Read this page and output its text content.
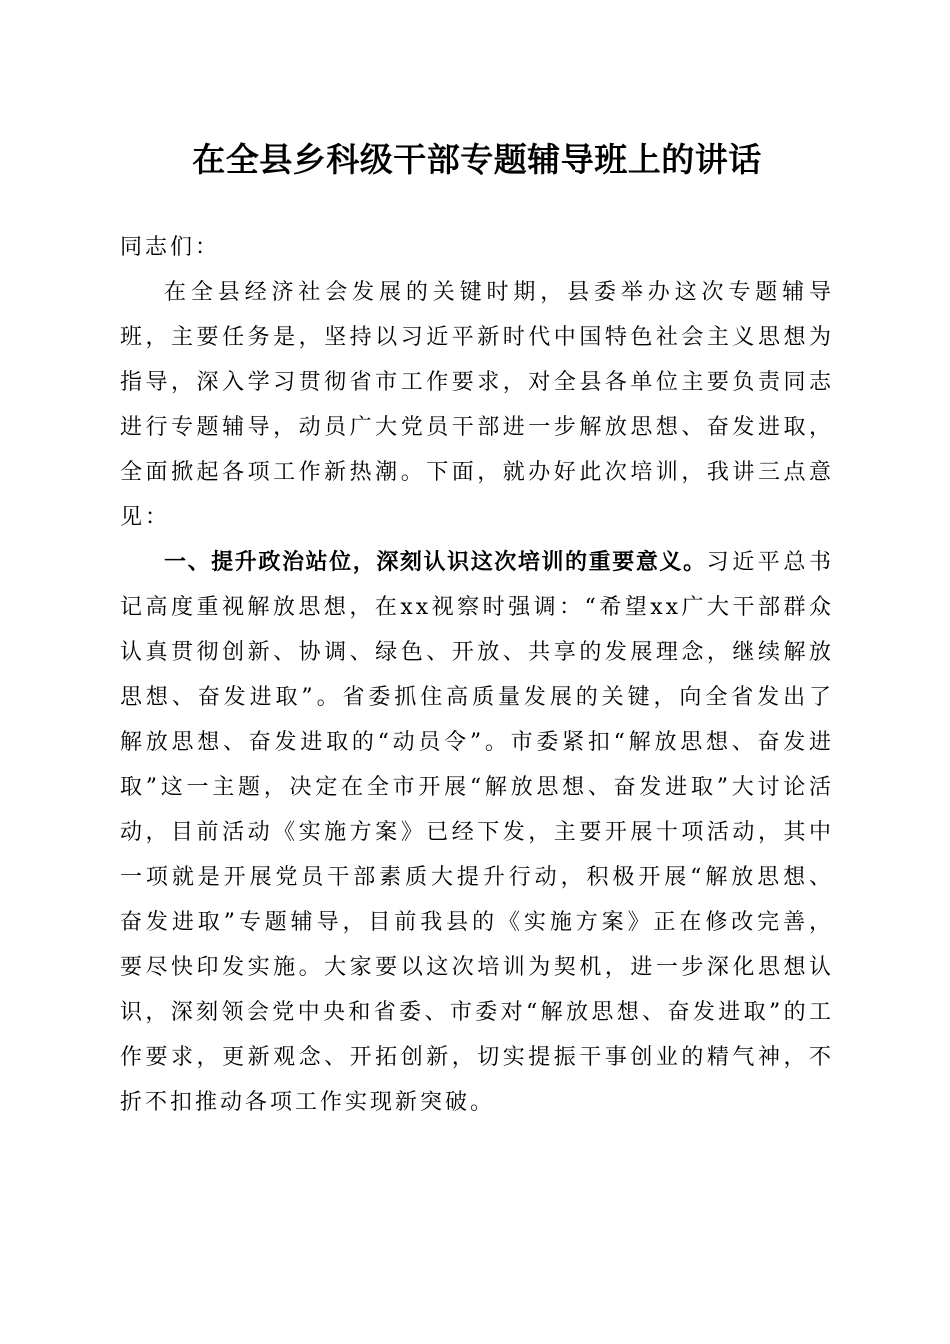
在全县乡科级干部专题辅导班上的讲话

同志们：

在全县经济社会发展的关键时期，县委举办这次专题辅导班，主要任务是，坚持以习近平新时代中国特色社会主义思想为指导，深入学习贯彻省市工作要求，对全县各单位主要负责同志进行专题辅导，动员广大党员干部进一步解放思想、奋发进取，全面掀起各项工作新热潮。下面，就办好此次培训，我讲三点意见：

一、提升政治站位，深刻认识这次培训的重要意义。习近平总书记高度重视解放思想，在xx视察时强调：“希望xx广大干部群众认真贯彻创新、协调、绿色、开放、共享的发展理念，继续解放思想、奋发进取”。省委抓住高质量发展的关键，向全省发出了解放思想、奋发进取的“动员令”。市委紧扣“解放思想、奋发进取”这一主题，决定在全市开展“解放思想、奋发进取”大讨论活动，目前活动《实施方案》已经下发，主要开展十项活动，其中一项就是开展党员干部素质大提升行动，积极开展“解放思想、奋发进取”专题辅导，目前我县的《实施方案》正在修改完善，要尽快印发实施。大家要以这次培训为契机，进一步深化思想认识，深刻领会党中央和省委、市委对“解放思想、奋发进取”的工作要求，更新观念、开拓创新，切实提振干事创业的精气神，不折不扣推动各项工作实现新突破。
